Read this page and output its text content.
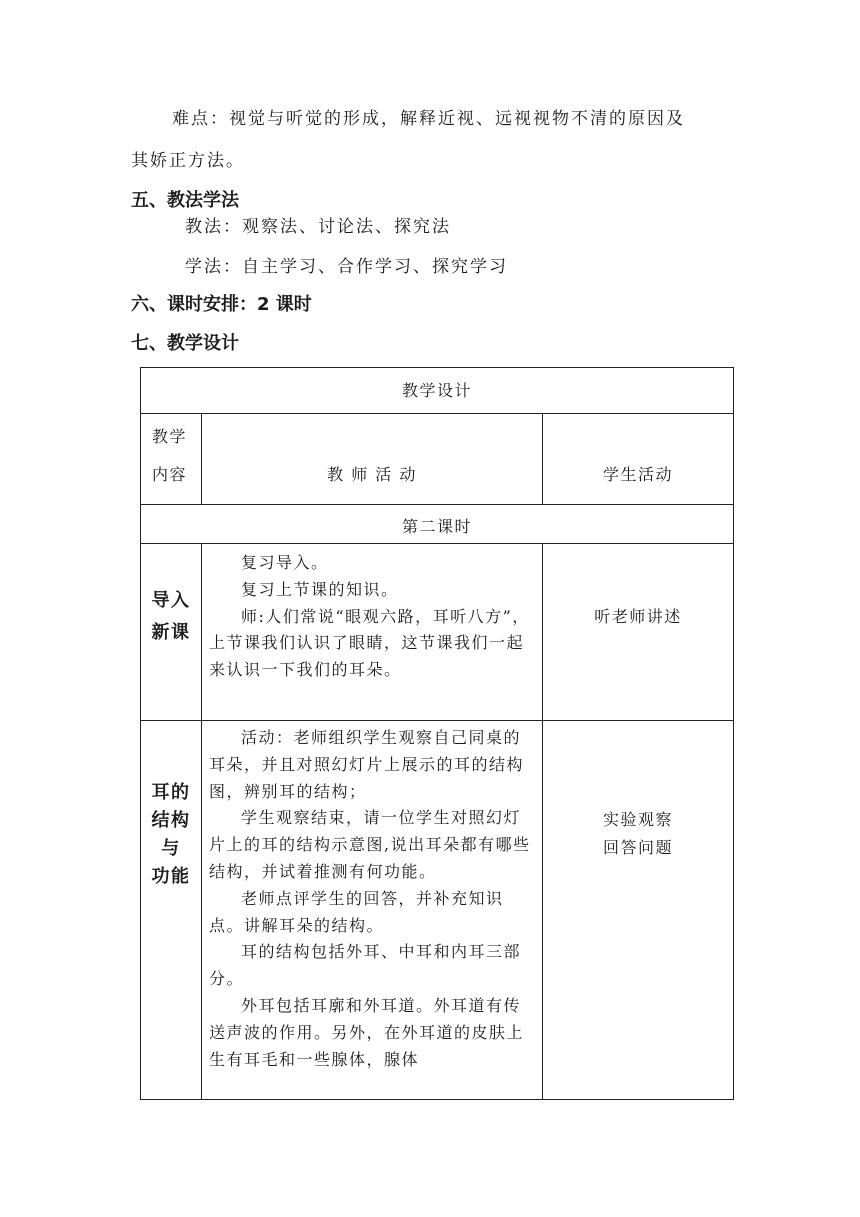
难点：视觉与听觉的形成，解释近视、远视视物不清的原因及
其娇正方法。
五、教法学法
教法：观察法、讨论法、探究法
学法：自主学习、合作学习、探究学习
六、课时安排：2 课时
七、教学设计
教学设计
教学
内容	教 师 活 动	学生活动
第二课时
导入
新课
复习导入。
复习上节课的知识。
师:人们常说“眼观六路，耳听八方”，上节课我们认识了眼睛，这节课我们一起来认识一下我们的耳朵。
听老师讲述
耳的
结构
与
功能
活动：老师组织学生观察自己同桌的耳朵，并且对照幻灯片上展示的耳的结构图，辨别耳的结构；
学生观察结束，请一位学生对照幻灯片上的耳的结构示意图,说出耳朵都有哪些结构，并试着推测有何功能。
老师点评学生的回答，并补充知识点。讲解耳朵的结构。
耳的结构包括外耳、中耳和内耳三部分。
外耳包括耳廓和外耳道。外耳道有传送声波的作用。另外，在外耳道的皮肤上生有耳毛和一些腺体，腺体
实验观察
回答问题
